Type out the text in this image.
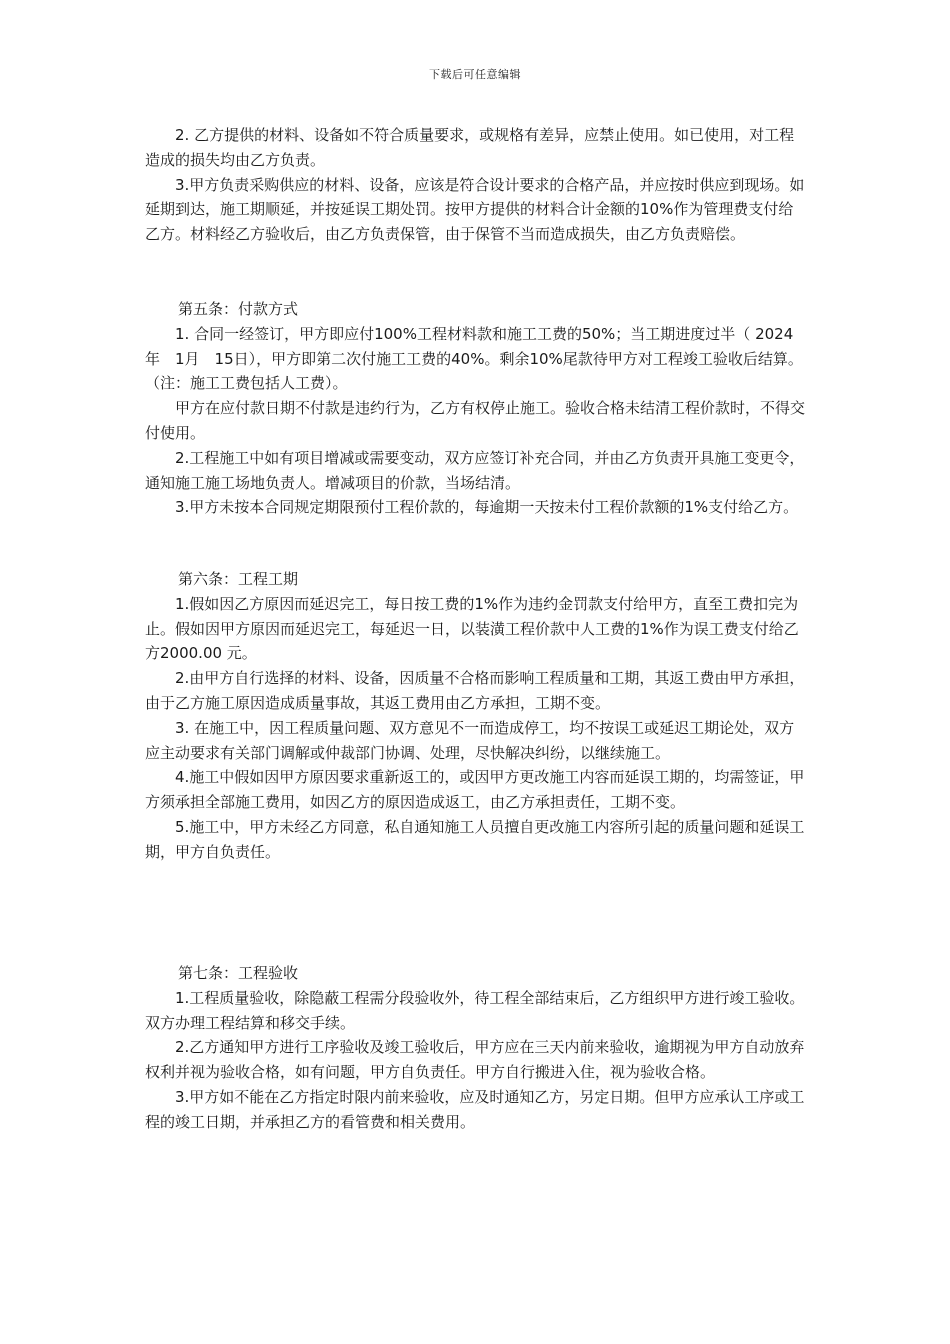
下载后可任意编辑

2. 乙方提供的材料、设备如不符合质量要求，或规格有差异，应禁止使用。如已使用，对工程造成的损失均由乙方负责。

3.甲方负责采购供应的材料、设备，应该是符合设计要求的合格产品，并应按时供应到现场。如延期到达，施工期顺延，并按延误工期处罚。按甲方提供的材料合计金额的10%作为管理费支付给乙方。材料经乙方验收后，由乙方负责保管，由于保管不当而造成损失，由乙方负责赔偿。

第五条：付款方式

1. 合同一经签订，甲方即应付100%工程材料款和施工工费的50%；当工期进度过半（ 2024年　1月　15日），甲方即第二次付施工工费的40%。剩余10%尾款待甲方对工程竣工验收后结算。（注：施工工费包括人工费）。

甲方在应付款日期不付款是违约行为，乙方有权停止施工。验收合格未结清工程价款时，不得交付使用。

2.工程施工中如有项目增减或需要变动，双方应签订补充合同，并由乙方负责开具施工变更令，通知施工施工场地负责人。增减项目的价款，当场结清。

3.甲方未按本合同规定期限预付工程价款的，每逾期一天按未付工程价款额的1%支付给乙方。

第六条：工程工期

1.假如因乙方原因而延迟完工，每日按工费的1%作为违约金罚款支付给甲方，直至工费扣完为止。假如因甲方原因而延迟完工，每延迟一日，以装潢工程价款中人工费的1%作为误工费支付给乙方2000.00 元。

2.由甲方自行选择的材料、设备，因质量不合格而影响工程质量和工期，其返工费由甲方承担，由于乙方施工原因造成质量事故，其返工费用由乙方承担，工期不变。

3. 在施工中，因工程质量问题、双方意见不一而造成停工，均不按误工或延迟工期论处，双方应主动要求有关部门调解或仲裁部门协调、处理，尽快解决纠纷，以继续施工。

4.施工中假如因甲方原因要求重新返工的，或因甲方更改施工内容而延误工期的，均需签证，甲方须承担全部施工费用，如因乙方的原因造成返工，由乙方承担责任，工期不变。

5.施工中，甲方未经乙方同意，私自通知施工人员擅自更改施工内容所引起的质量问题和延误工期，甲方自负责任。

第七条：工程验收

1.工程质量验收，除隐蔽工程需分段验收外，待工程全部结束后，乙方组织甲方进行竣工验收。双方办理工程结算和移交手续。

2.乙方通知甲方进行工序验收及竣工验收后，甲方应在三天内前来验收，逾期视为甲方自动放弃权利并视为验收合格，如有问题，甲方自负责任。甲方自行搬进入住，视为验收合格。

3.甲方如不能在乙方指定时限内前来验收，应及时通知乙方，另定日期。但甲方应承认工序或工程的竣工日期，并承担乙方的看管费和相关费用。
